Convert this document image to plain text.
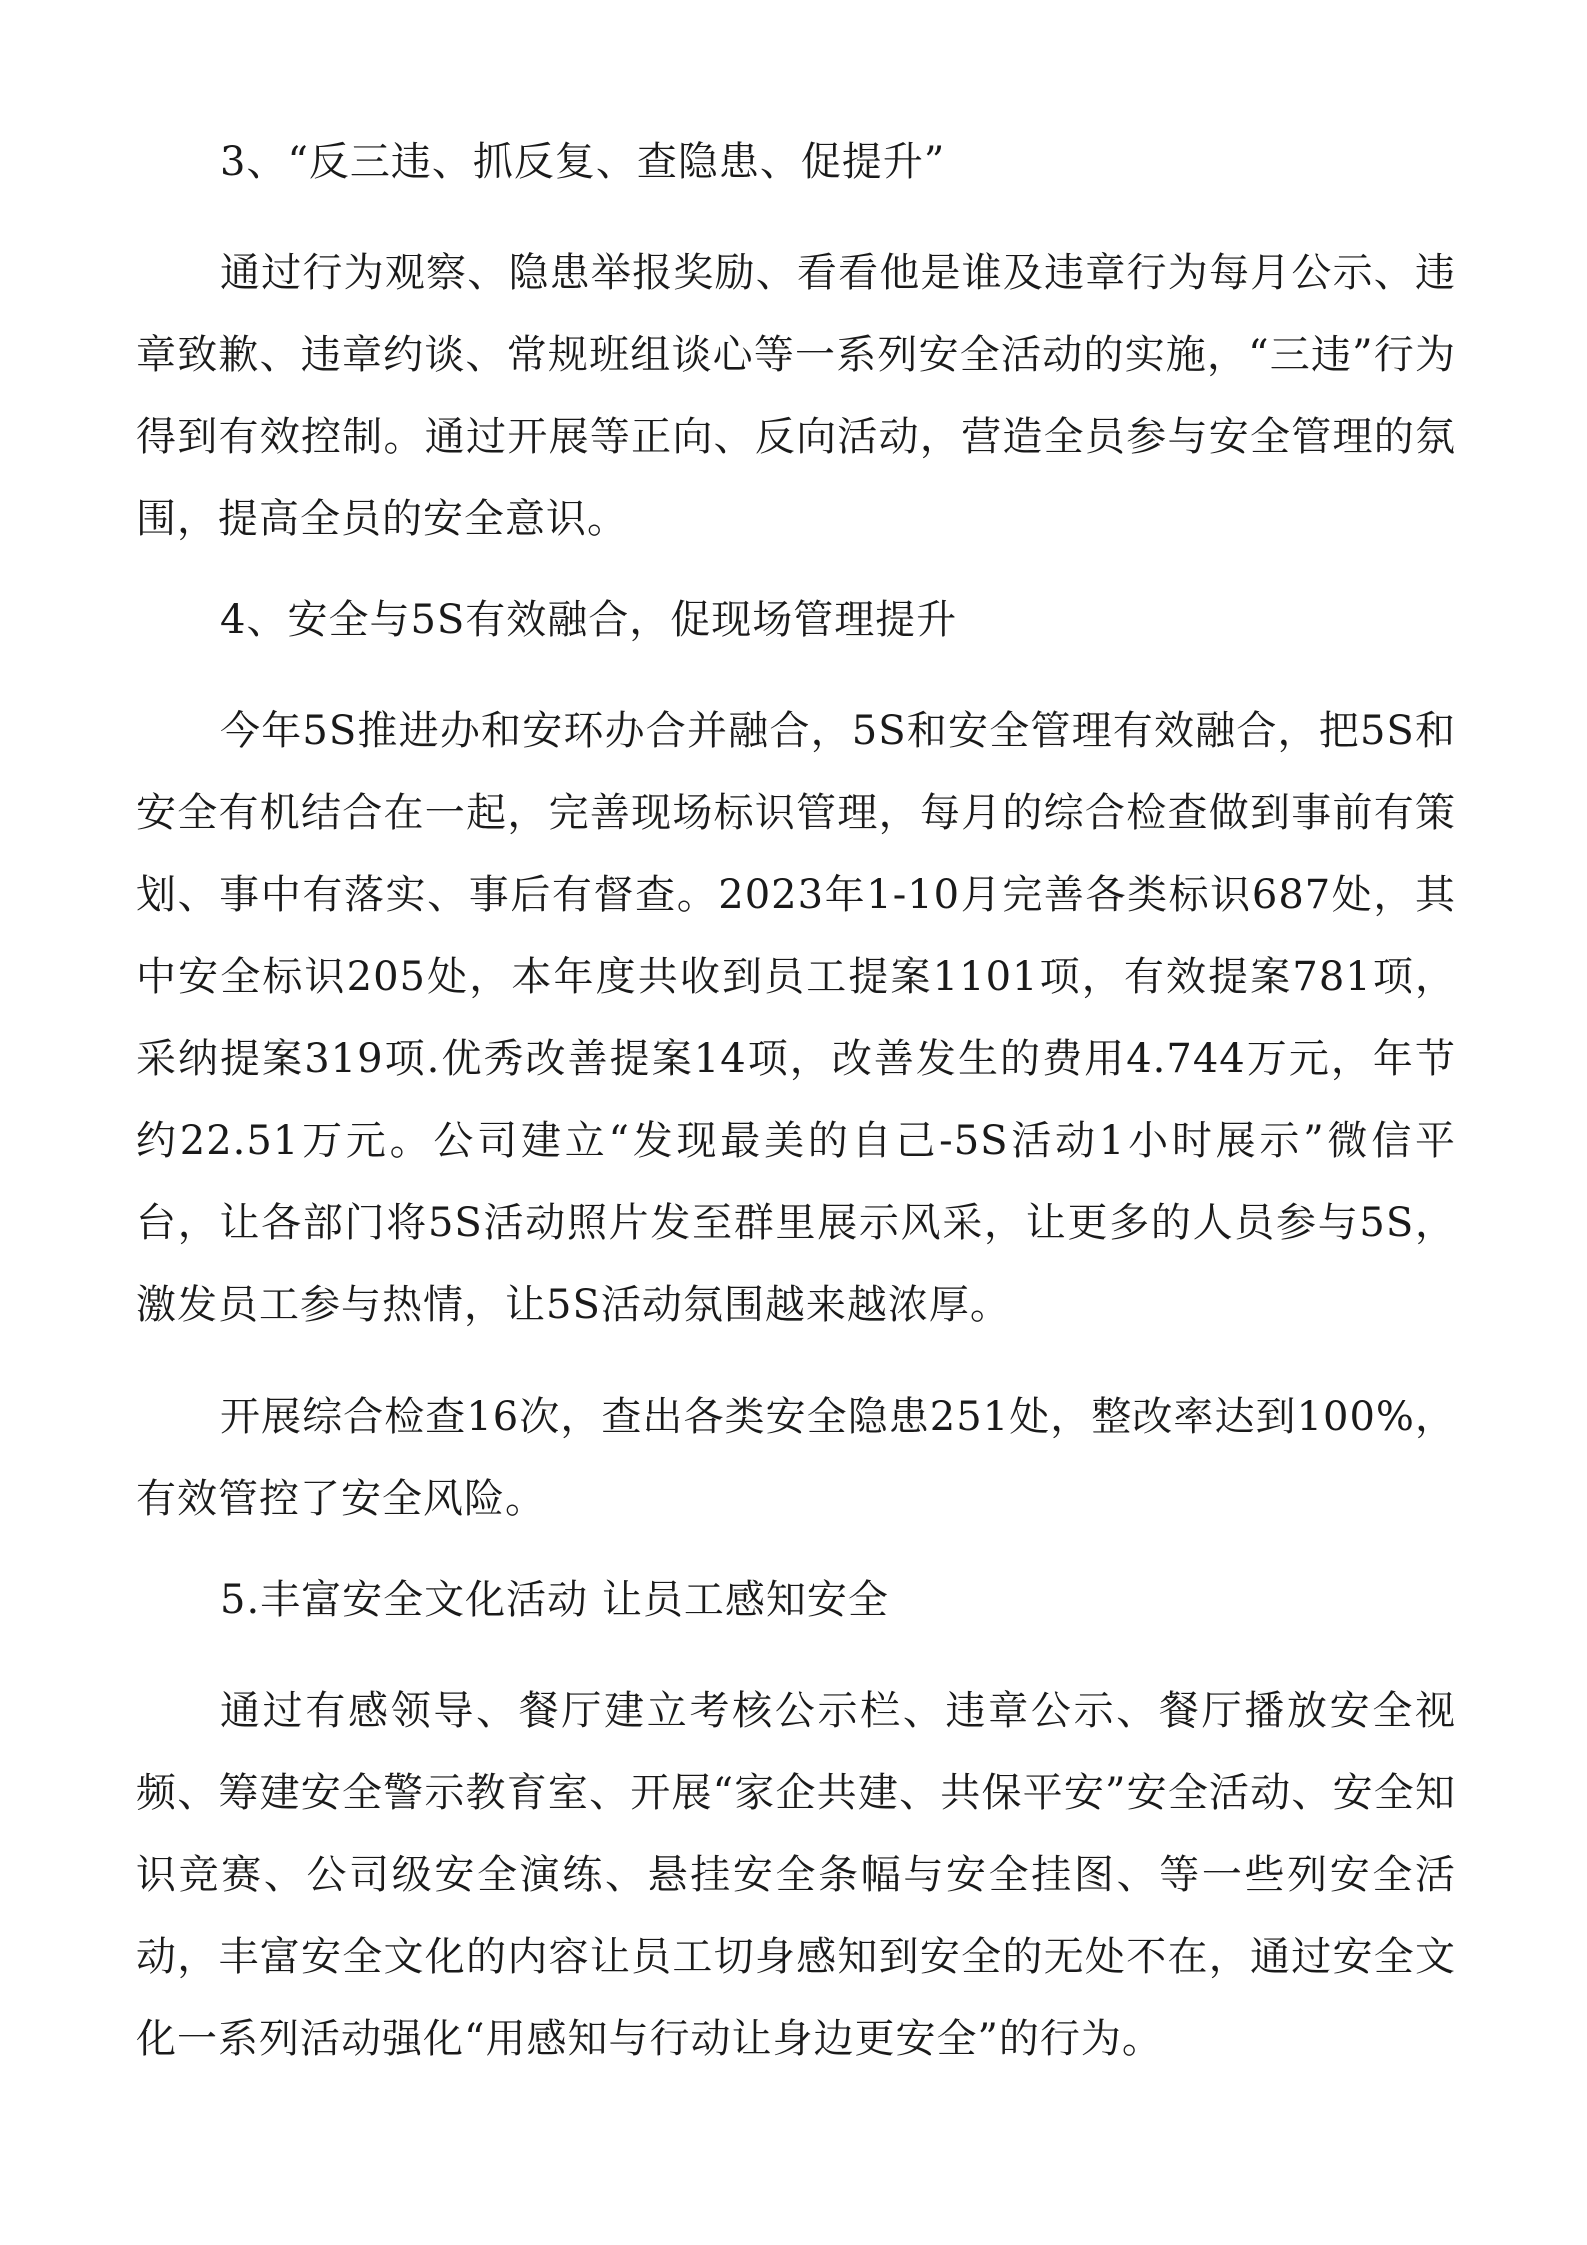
3、“反三违、抓反复、查隐患、促提升”

通过行为观察、隐患举报奖励、看看他是谁及违章行为每月公示、违章致歉、违章约谈、常规班组谈心等一系列安全活动的实施，“三违”行为得到有效控制。通过开展等正向、反向活动，营造全员参与安全管理的氛围，提高全员的安全意识。

4、安全与5S有效融合，促现场管理提升

今年5S推进办和安环办合并融合，5S和安全管理有效融合，把5S和安全有机结合在一起，完善现场标识管理，每月的综合检查做到事前有策划、事中有落实、事后有督查。2023年1-10月完善各类标识687处，其中安全标识205处，本年度共收到员工提案1101项，有效提案781项，采纳提案319项.优秀改善提案14项，改善发生的费用4.744万元，年节约22.51万元。公司建立“发现最美的自己-5S活动1小时展示”微信平台，让各部门将5S活动照片发至群里展示风采，让更多的人员参与5S，激发员工参与热情，让5S活动氛围越来越浓厚。

开展综合检查16次，查出各类安全隐患251处，整改率达到100%，有效管控了安全风险。

5.丰富安全文化活动 让员工感知安全

通过有感领导、餐厅建立考核公示栏、违章公示、餐厅播放安全视频、筹建安全警示教育室、开展“家企共建、共保平安”安全活动、安全知识竞赛、公司级安全演练、悬挂安全条幅与安全挂图、等一些列安全活动，丰富安全文化的内容让员工切身感知到安全的无处不在，通过安全文化一系列活动强化“用感知与行动让身边更安全”的行为。
